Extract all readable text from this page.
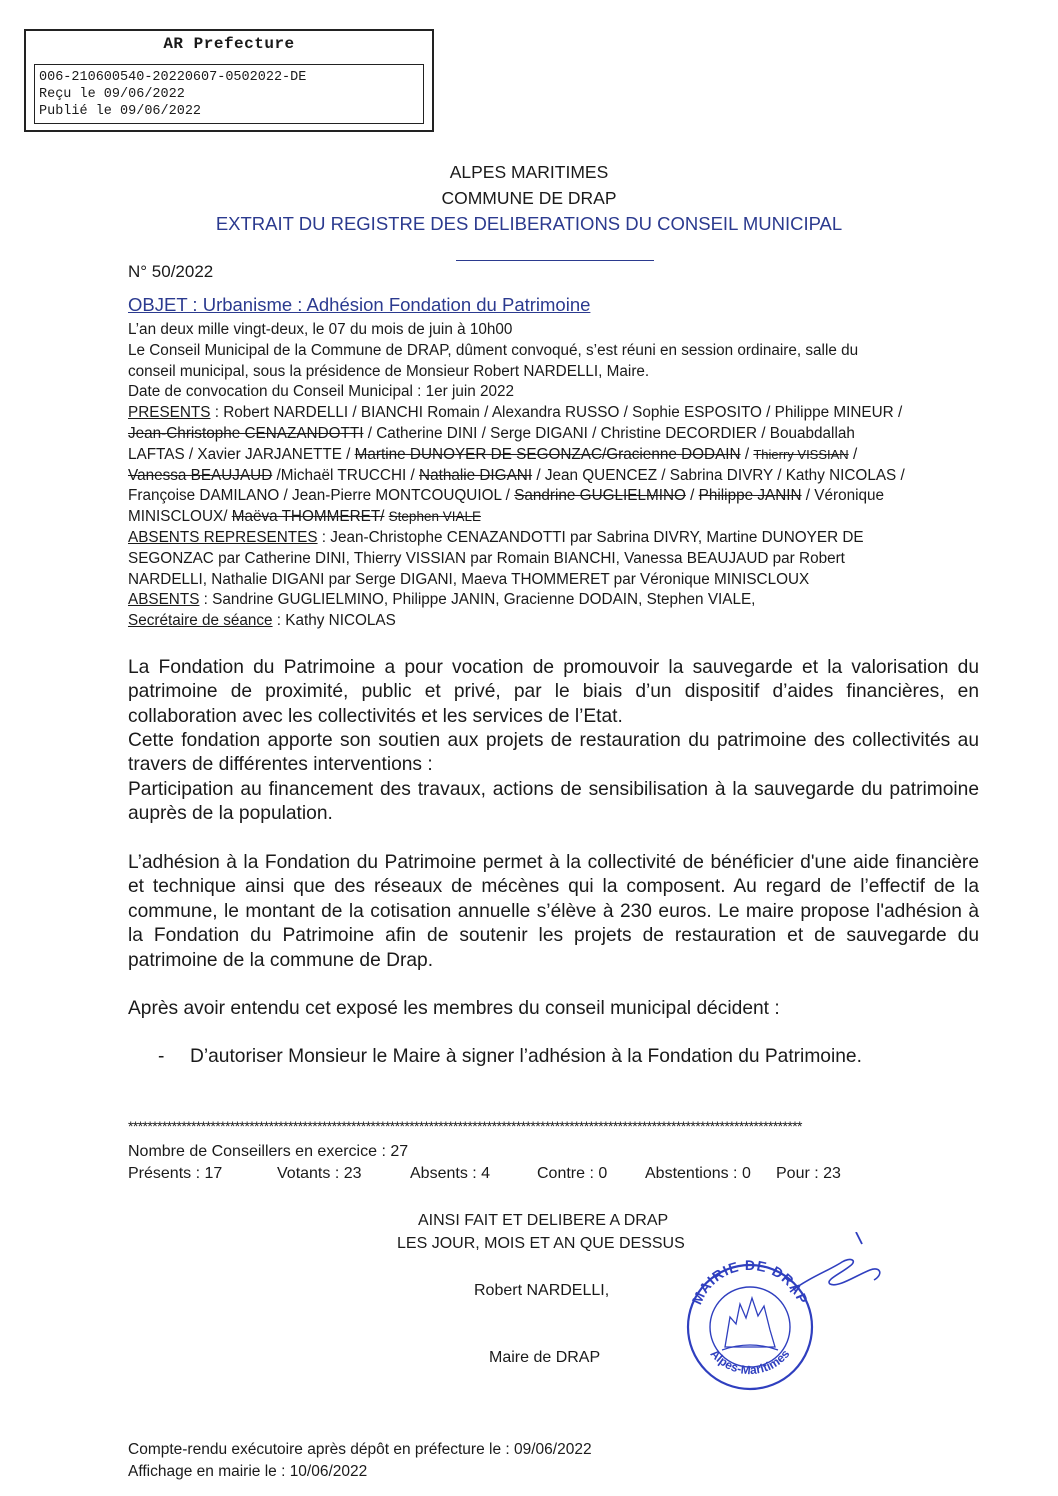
AR Prefecture
006-210600540-20220607-0502022-DE
Reçu le 09/06/2022
Publié le 09/06/2022
ALPES MARITIMES
COMMUNE DE DRAP
EXTRAIT DU REGISTRE DES DELIBERATIONS DU CONSEIL MUNICIPAL
N° 50/2022
OBJET : Urbanisme : Adhésion Fondation du Patrimoine
L’an deux mille vingt-deux, le 07 du mois de juin à 10h00
Le Conseil Municipal de la Commune de DRAP, dûment convoqué, s’est réuni en session ordinaire, salle du
conseil municipal, sous la présidence de Monsieur Robert NARDELLI, Maire.
Date de convocation du Conseil Municipal : 1er juin 2022
PRESENTS : Robert NARDELLI / BIANCHI Romain / Alexandra RUSSO / Sophie ESPOSITO / Philippe MINEUR /
Jean-Christophe CENAZANDOTTI / Catherine DINI / Serge DIGANI / Christine DECORDIER / Bouabdallah
LAFTAS / Xavier JARJANETTE / Martine DUNOYER DE SEGONZAC/Gracienne DODAIN / Thierry VISSIAN /
Vanessa BEAUJAUD /Michaël TRUCCHI / Nathalie DIGANI / Jean QUENCEZ / Sabrina DIVRY / Kathy NICOLAS /
Françoise DAMILANO / Jean-Pierre MONTCOUQUIOL / Sandrine GUGLIELMINO / Philippe JANIN / Véronique
MINISCLOUX/ Maëva THOMMERET/ Stephen VIALE
ABSENTS REPRESENTES : Jean-Christophe CENAZANDOTTI par Sabrina DIVRY, Martine DUNOYER DE
SEGONZAC par Catherine DINI, Thierry VISSIAN par Romain BIANCHI, Vanessa BEAUJAUD par Robert
NARDELLI, Nathalie DIGANI par Serge DIGANI, Maeva THOMMERET par Véronique MINISCLOUX
ABSENTS : Sandrine GUGLIELMINO, Philippe JANIN, Gracienne DODAIN, Stephen VIALE,
Secrétaire de séance : Kathy NICOLAS
La Fondation du Patrimoine a pour vocation de promouvoir la sauvegarde et la valorisation du patrimoine de proximité, public et privé, par le biais d’un dispositif d’aides financières, en collaboration avec les collectivités et les services de l’Etat.
Cette fondation apporte son soutien aux projets de restauration du patrimoine des collectivités au travers de différentes interventions :
Participation au financement des travaux, actions de sensibilisation à la sauvegarde du patrimoine auprès de la population.
L’adhésion à la Fondation du Patrimoine permet à la collectivité de bénéficier d'une aide financière et technique ainsi que des réseaux de mécènes qui la composent. Au regard de l’effectif de la commune, le montant de la cotisation annuelle s’élève à 230 euros. Le maire propose l'adhésion à la Fondation du Patrimoine afin de soutenir les projets de restauration et de sauvegarde du patrimoine de la commune de Drap.
Après avoir entendu cet exposé les membres du conseil municipal décident :
- D’autoriser Monsieur le Maire à signer l’adhésion à la Fondation du Patrimoine.
*******************************************************************************************************************************************
Nombre de Conseillers en exercice : 27
Présents : 17	Votants : 23	Absents : 4	Contre : 0 Abstentions : 0 Pour : 23
AINSI FAIT ET DELIBERE A DRAP
LES JOUR, MOIS ET AN QUE DESSUS
Robert NARDELLI,
Maire de DRAP
MAIRIE DE DRAP
Alpes-Maritimes
Compte-rendu exécutoire après dépôt en préfecture le : 09/06/2022
Affichage en mairie le : 10/06/2022
